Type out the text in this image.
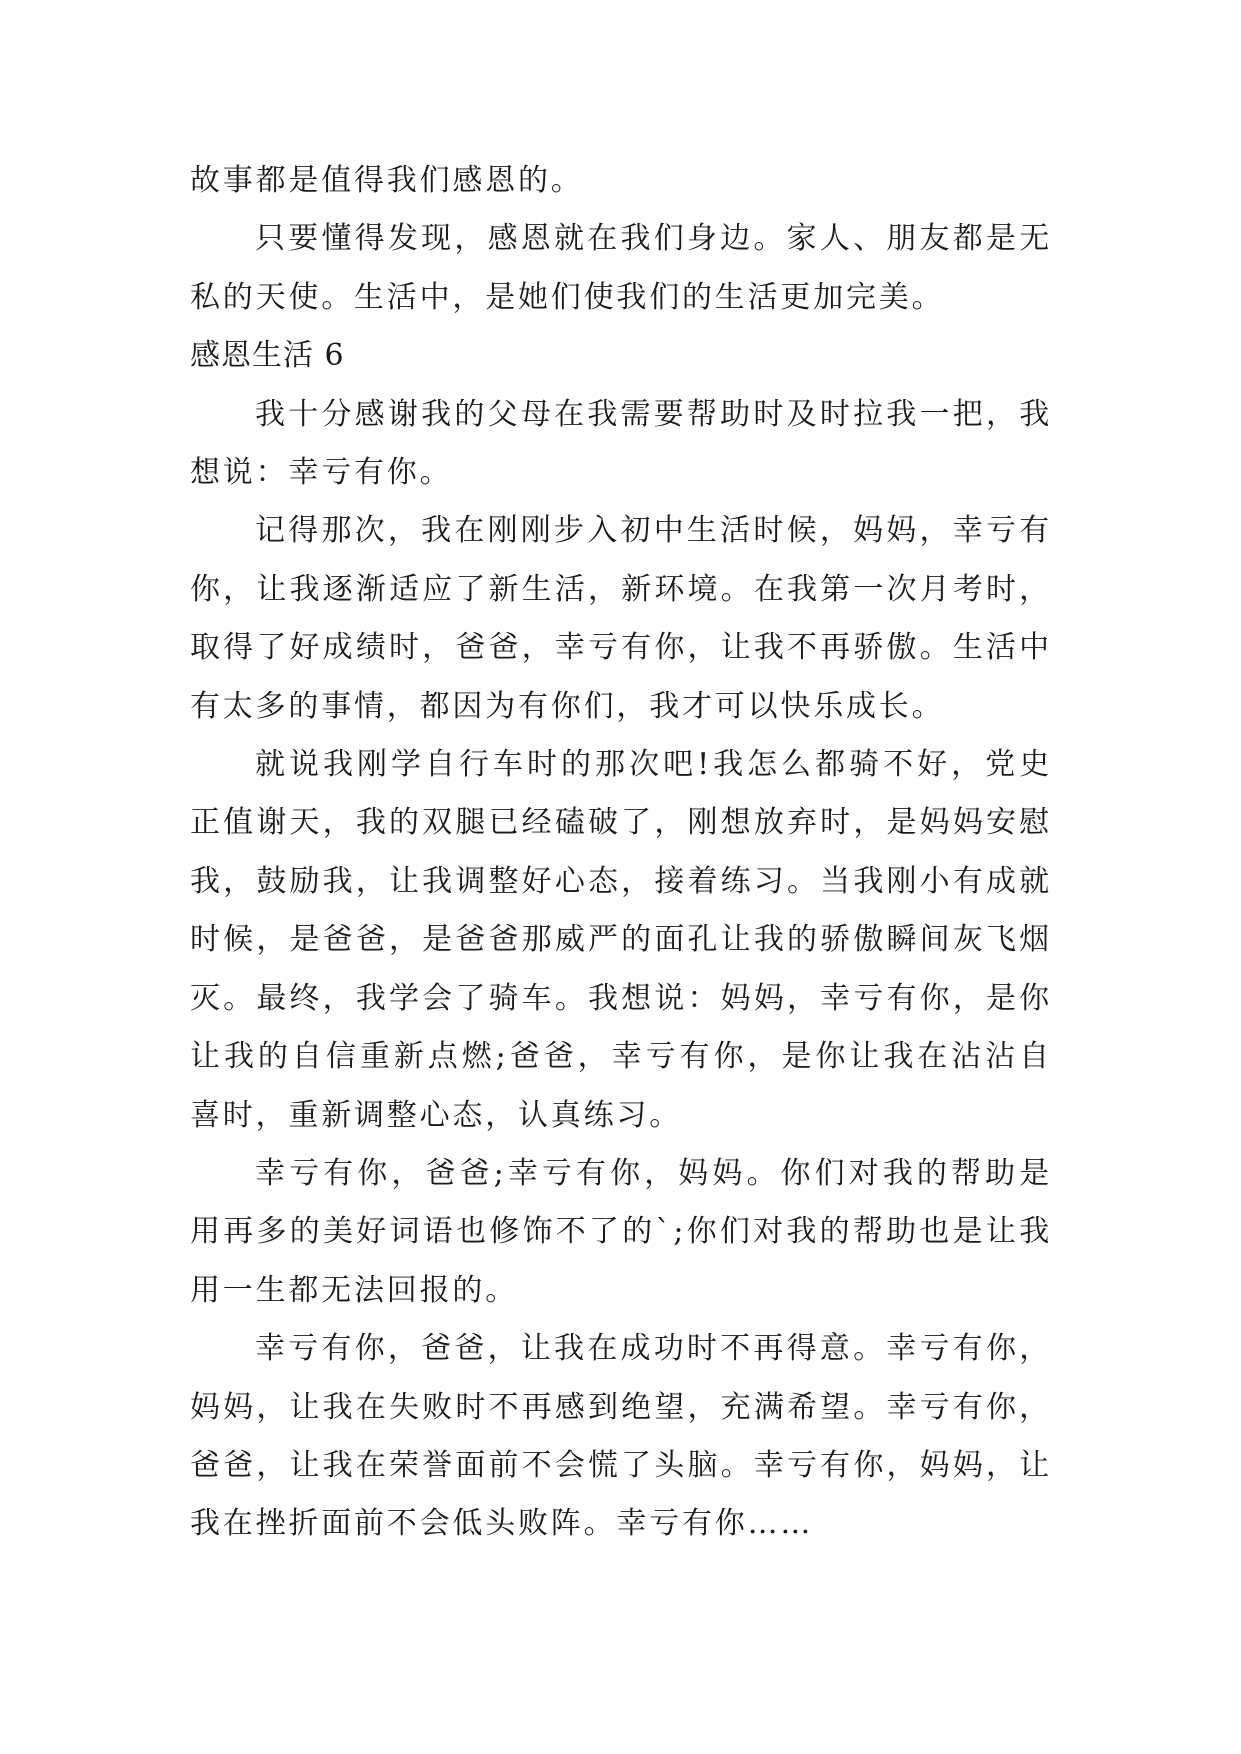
故事都是值得我们感恩的。

只要懂得发现，感恩就在我们身边。家人、朋友都是无私的天使。生活中，是她们使我们的生活更加完美。

感恩生活 6

我十分感谢我的父母在我需要帮助时及时拉我一把，我想说：幸亏有你。

记得那次，我在刚刚步入初中生活时候，妈妈，幸亏有你，让我逐渐适应了新生活，新环境。在我第一次月考时，取得了好成绩时，爸爸，幸亏有你，让我不再骄傲。生活中有太多的事情，都因为有你们，我才可以快乐成长。

就说我刚学自行车时的那次吧!我怎么都骑不好，党史正值谢天，我的双腿已经磕破了，刚想放弃时，是妈妈安慰我，鼓励我，让我调整好心态，接着练习。当我刚小有成就时候，是爸爸，是爸爸那威严的面孔让我的骄傲瞬间灰飞烟灭。最终，我学会了骑车。我想说：妈妈，幸亏有你，是你让我的自信重新点燃;爸爸，幸亏有你，是你让我在沾沾自喜时，重新调整心态，认真练习。

幸亏有你，爸爸;幸亏有你，妈妈。你们对我的帮助是用再多的美好词语也修饰不了的`;你们对我的帮助也是让我用一生都无法回报的。

幸亏有你，爸爸，让我在成功时不再得意。幸亏有你，妈妈，让我在失败时不再感到绝望，充满希望。幸亏有你，爸爸，让我在荣誉面前不会慌了头脑。幸亏有你，妈妈，让我在挫折面前不会低头败阵。幸亏有你……
